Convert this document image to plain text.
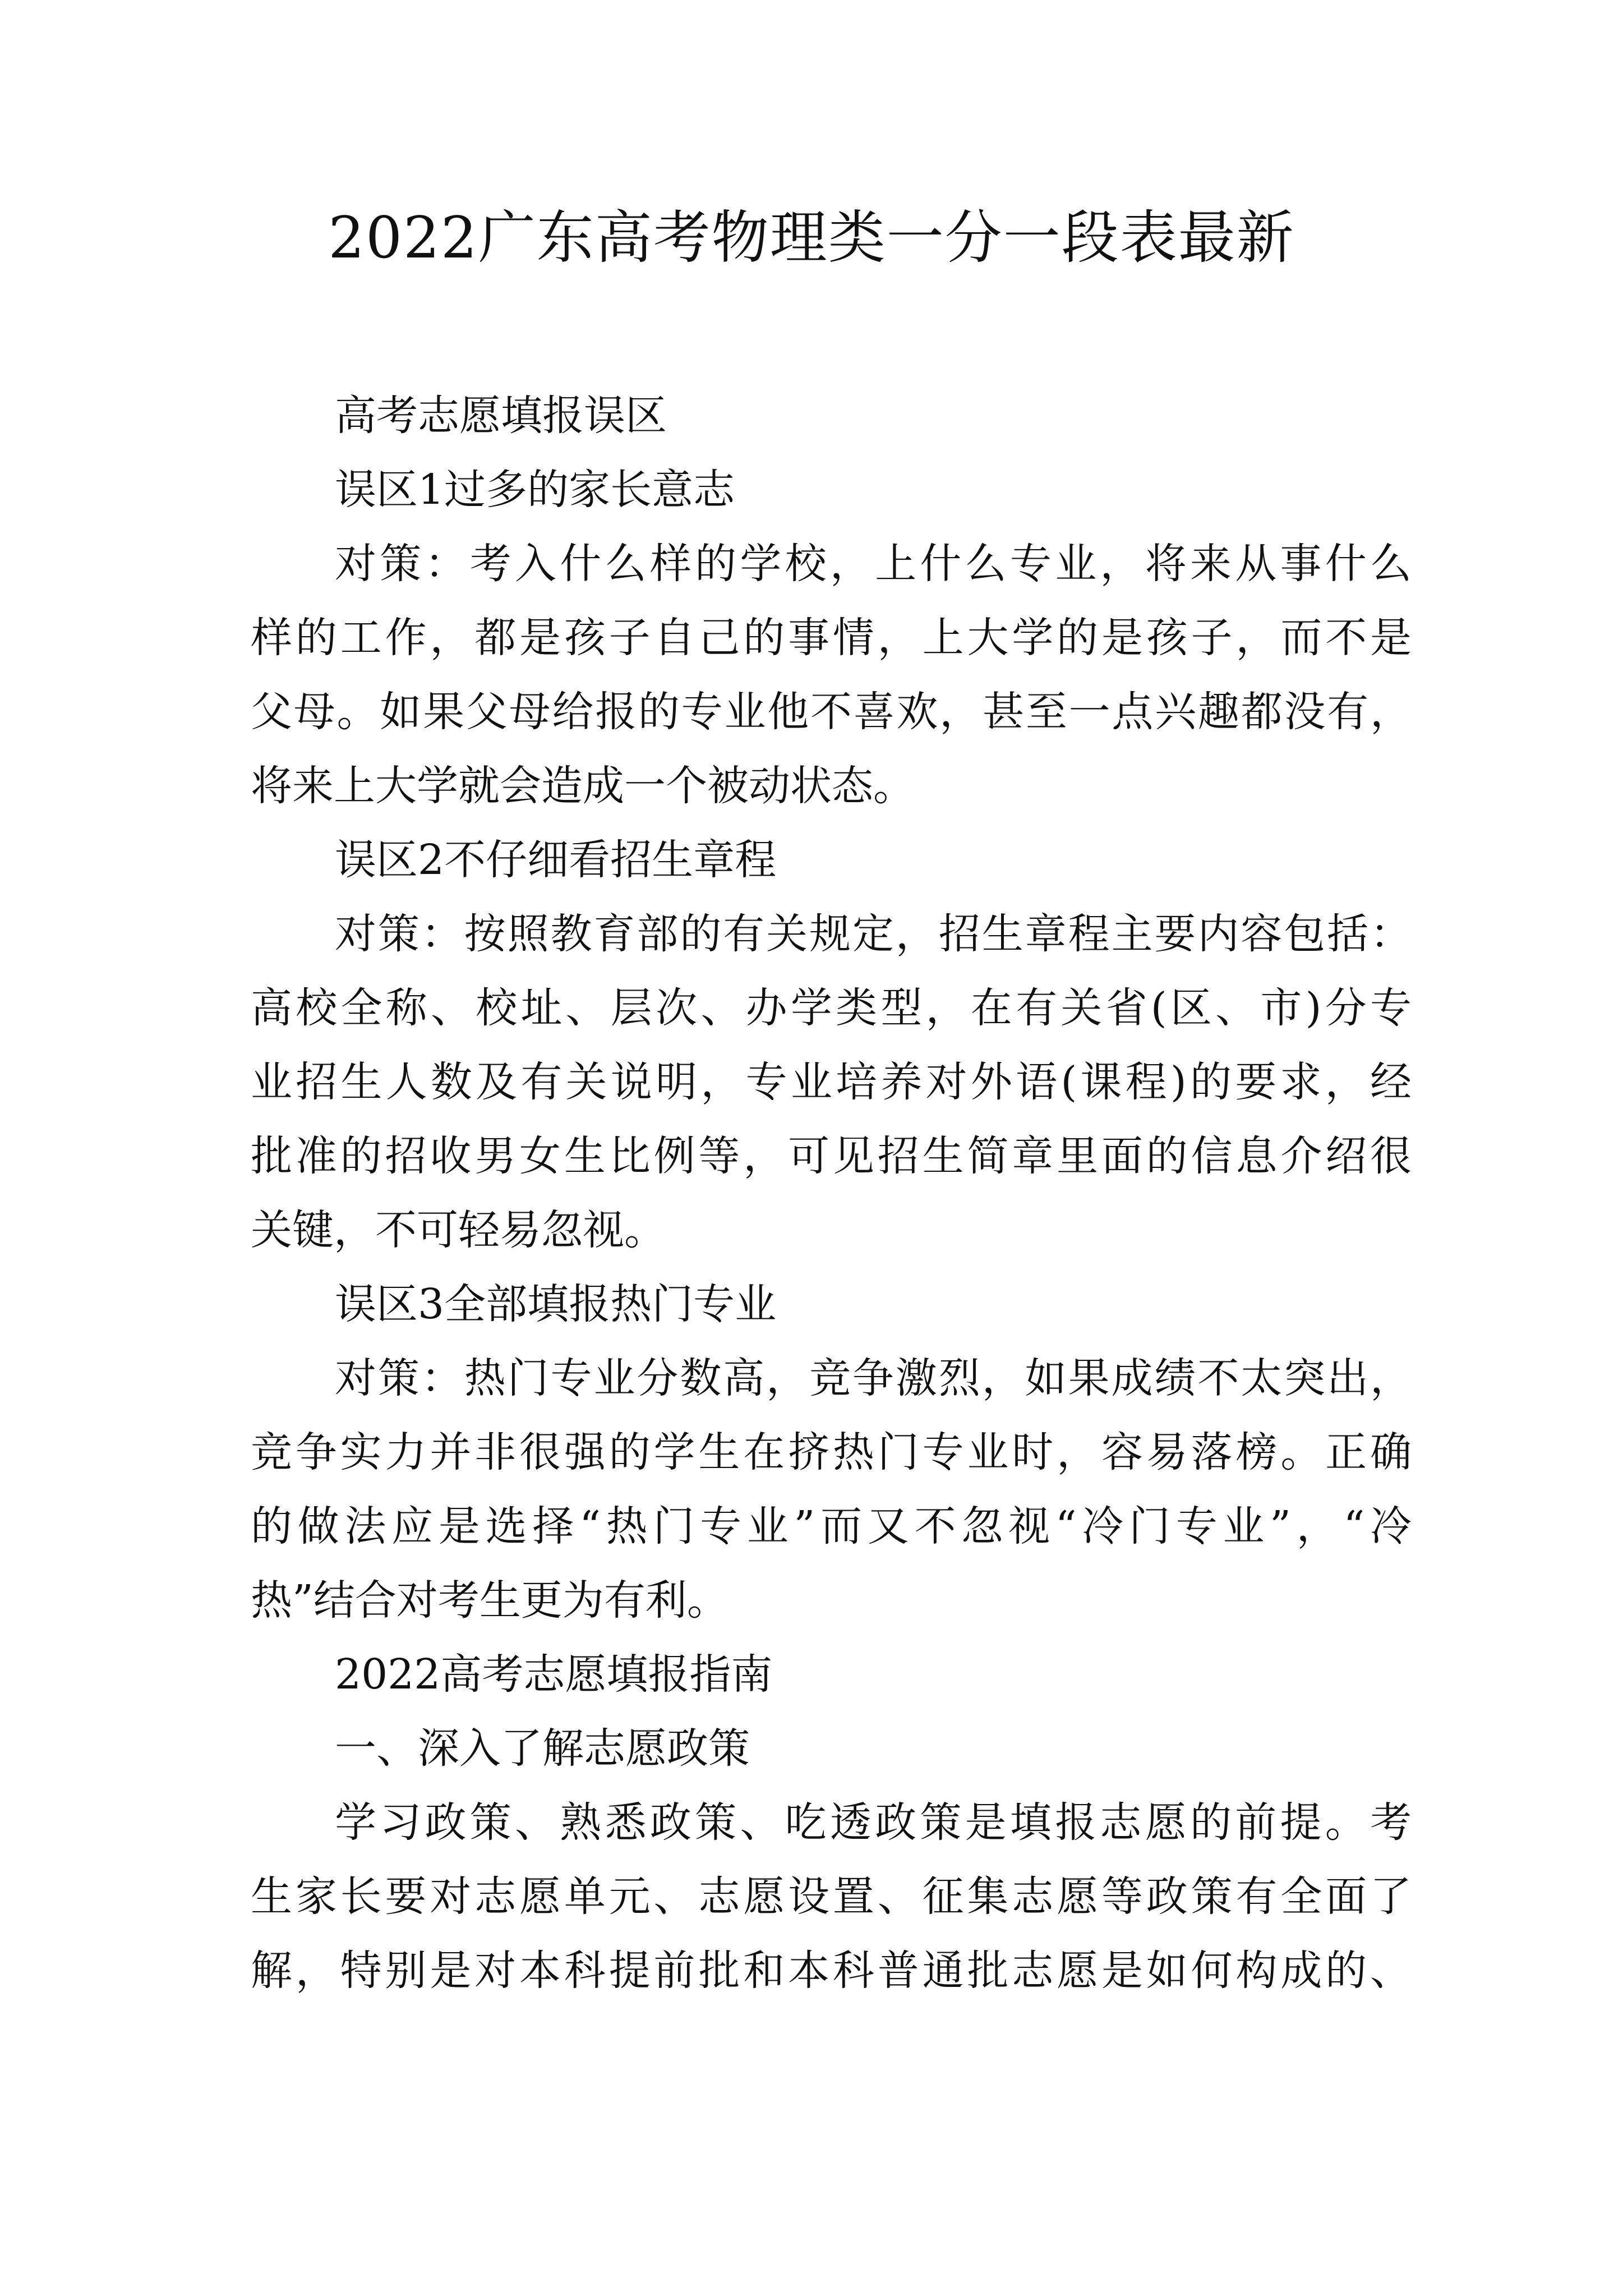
2022广东高考物理类一分一段表最新
高考志愿填报误区
误区1过多的家长意志
对策：考入什么样的学校，上什么专业，将来从事什么
样的工作，都是孩子自己的事情，上大学的是孩子，而不是
父母。如果父母给报的专业他不喜欢，甚至一点兴趣都没有，
将来上大学就会造成一个被动状态。
误区2不仔细看招生章程
对策：按照教育部的有关规定，招生章程主要内容包括：
高校全称、校址、层次、办学类型，在有关省(区、市)分专
业招生人数及有关说明，专业培养对外语(课程)的要求，经
批准的招收男女生比例等，可见招生简章里面的信息介绍很
关键，不可轻易忽视。
误区3全部填报热门专业
对策：热门专业分数高，竞争激烈，如果成绩不太突出，
竞争实力并非很强的学生在挤热门专业时，容易落榜。正确
的做法应是选择“热门专业”而又不忽视“冷门专业”，“冷
热”结合对考生更为有利。
2022高考志愿填报指南
一、深入了解志愿政策
学习政策、熟悉政策、吃透政策是填报志愿的前提。考
生家长要对志愿单元、志愿设置、征集志愿等政策有全面了
解，特别是对本科提前批和本科普通批志愿是如何构成的、
